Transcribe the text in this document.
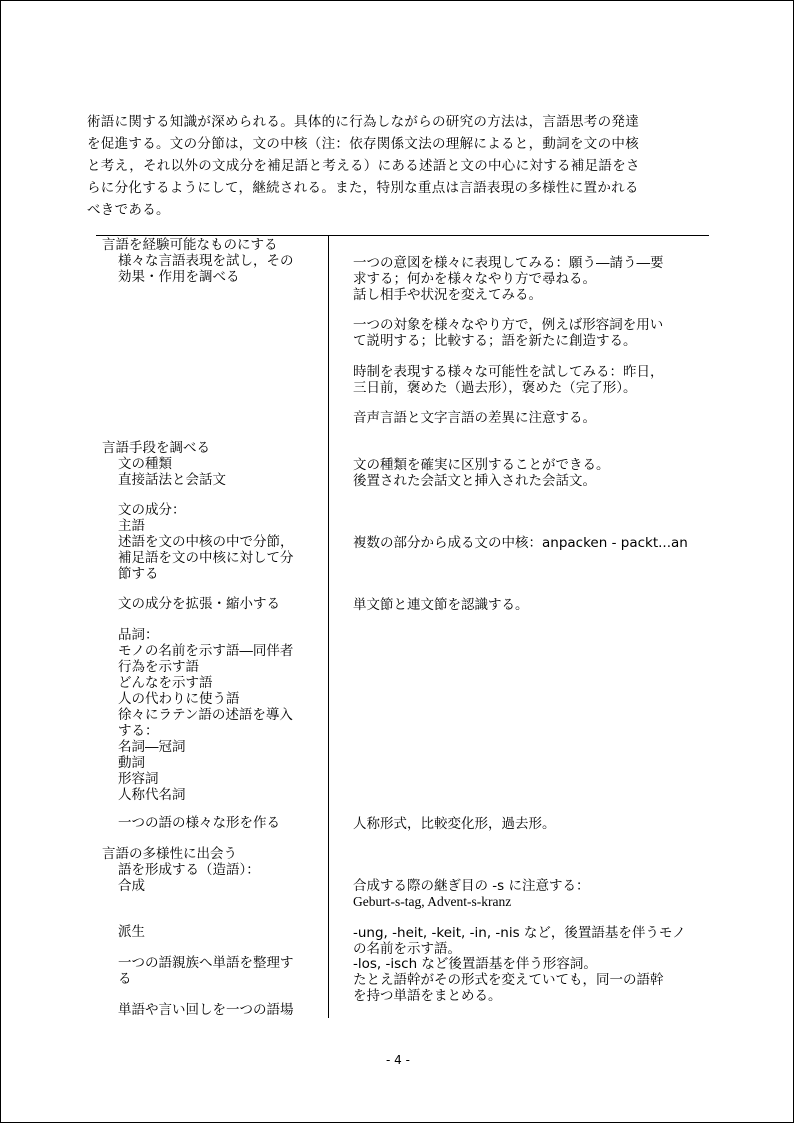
術語に関する知識が深められる。具体的に行為しながらの研究の方法は，言語思考の発達
を促進する。文の分節は，文の中核（注：依存関係文法の理解によると，動詞を文の中核
と考え，それ以外の文成分を補足語と考える）にある述語と文の中心に対する補足語をさ
らに分化するようにして，継続される。また，特別な重点は言語表現の多様性に置かれる
べきである。
言語を経験可能なものにする
様々な言語表現を試し，その
効果・作用を調べる
言語手段を調べる
文の種類
直接話法と会話文
文の成分：
主語
述語を文の中核の中で分節，
補足語を文の中核に対して分
節する
文の成分を拡張・縮小する
品詞：
モノの名前を示す語―同伴者
行為を示す語
どんなを示す語
人の代わりに使う語
徐々にラテン語の述語を導入
する：
名詞―冠詞
動詞
形容詞
人称代名詞
一つの語の様々な形を作る
言語の多様性に出会う
語を形成する（造語）：
合成
派生
一つの語親族へ単語を整理す
る
単語や言い回しを一つの語場
一つの意図を様々に表現してみる：願う―請う―要
求する；何かを様々なやり方で尋ねる。
話し相手や状況を変えてみる。
一つの対象を様々なやり方で，例えば形容詞を用い
て説明する；比較する；語を新たに創造する。
時制を表現する様々な可能性を試してみる：昨日，
三日前，褒めた（過去形），褒めた（完了形）。
音声言語と文字言語の差異に注意する。
文の種類を確実に区別することができる。
後置された会話文と挿入された会話文。
複数の部分から成る文の中核：anpacken - packt...an
単文節と連文節を認識する。
人称形式，比較変化形，過去形。
合成する際の継ぎ目の -s に注意する：
Geburt-s-tag, Advent-s-kranz
-ung, -heit, -keit, -in, -nis など，後置語基を伴うモノ
の名前を示す語。
-los, -isch など後置語基を伴う形容詞。
たとえ語幹がその形式を変えていても，同一の語幹
を持つ単語をまとめる。
- 4 -
